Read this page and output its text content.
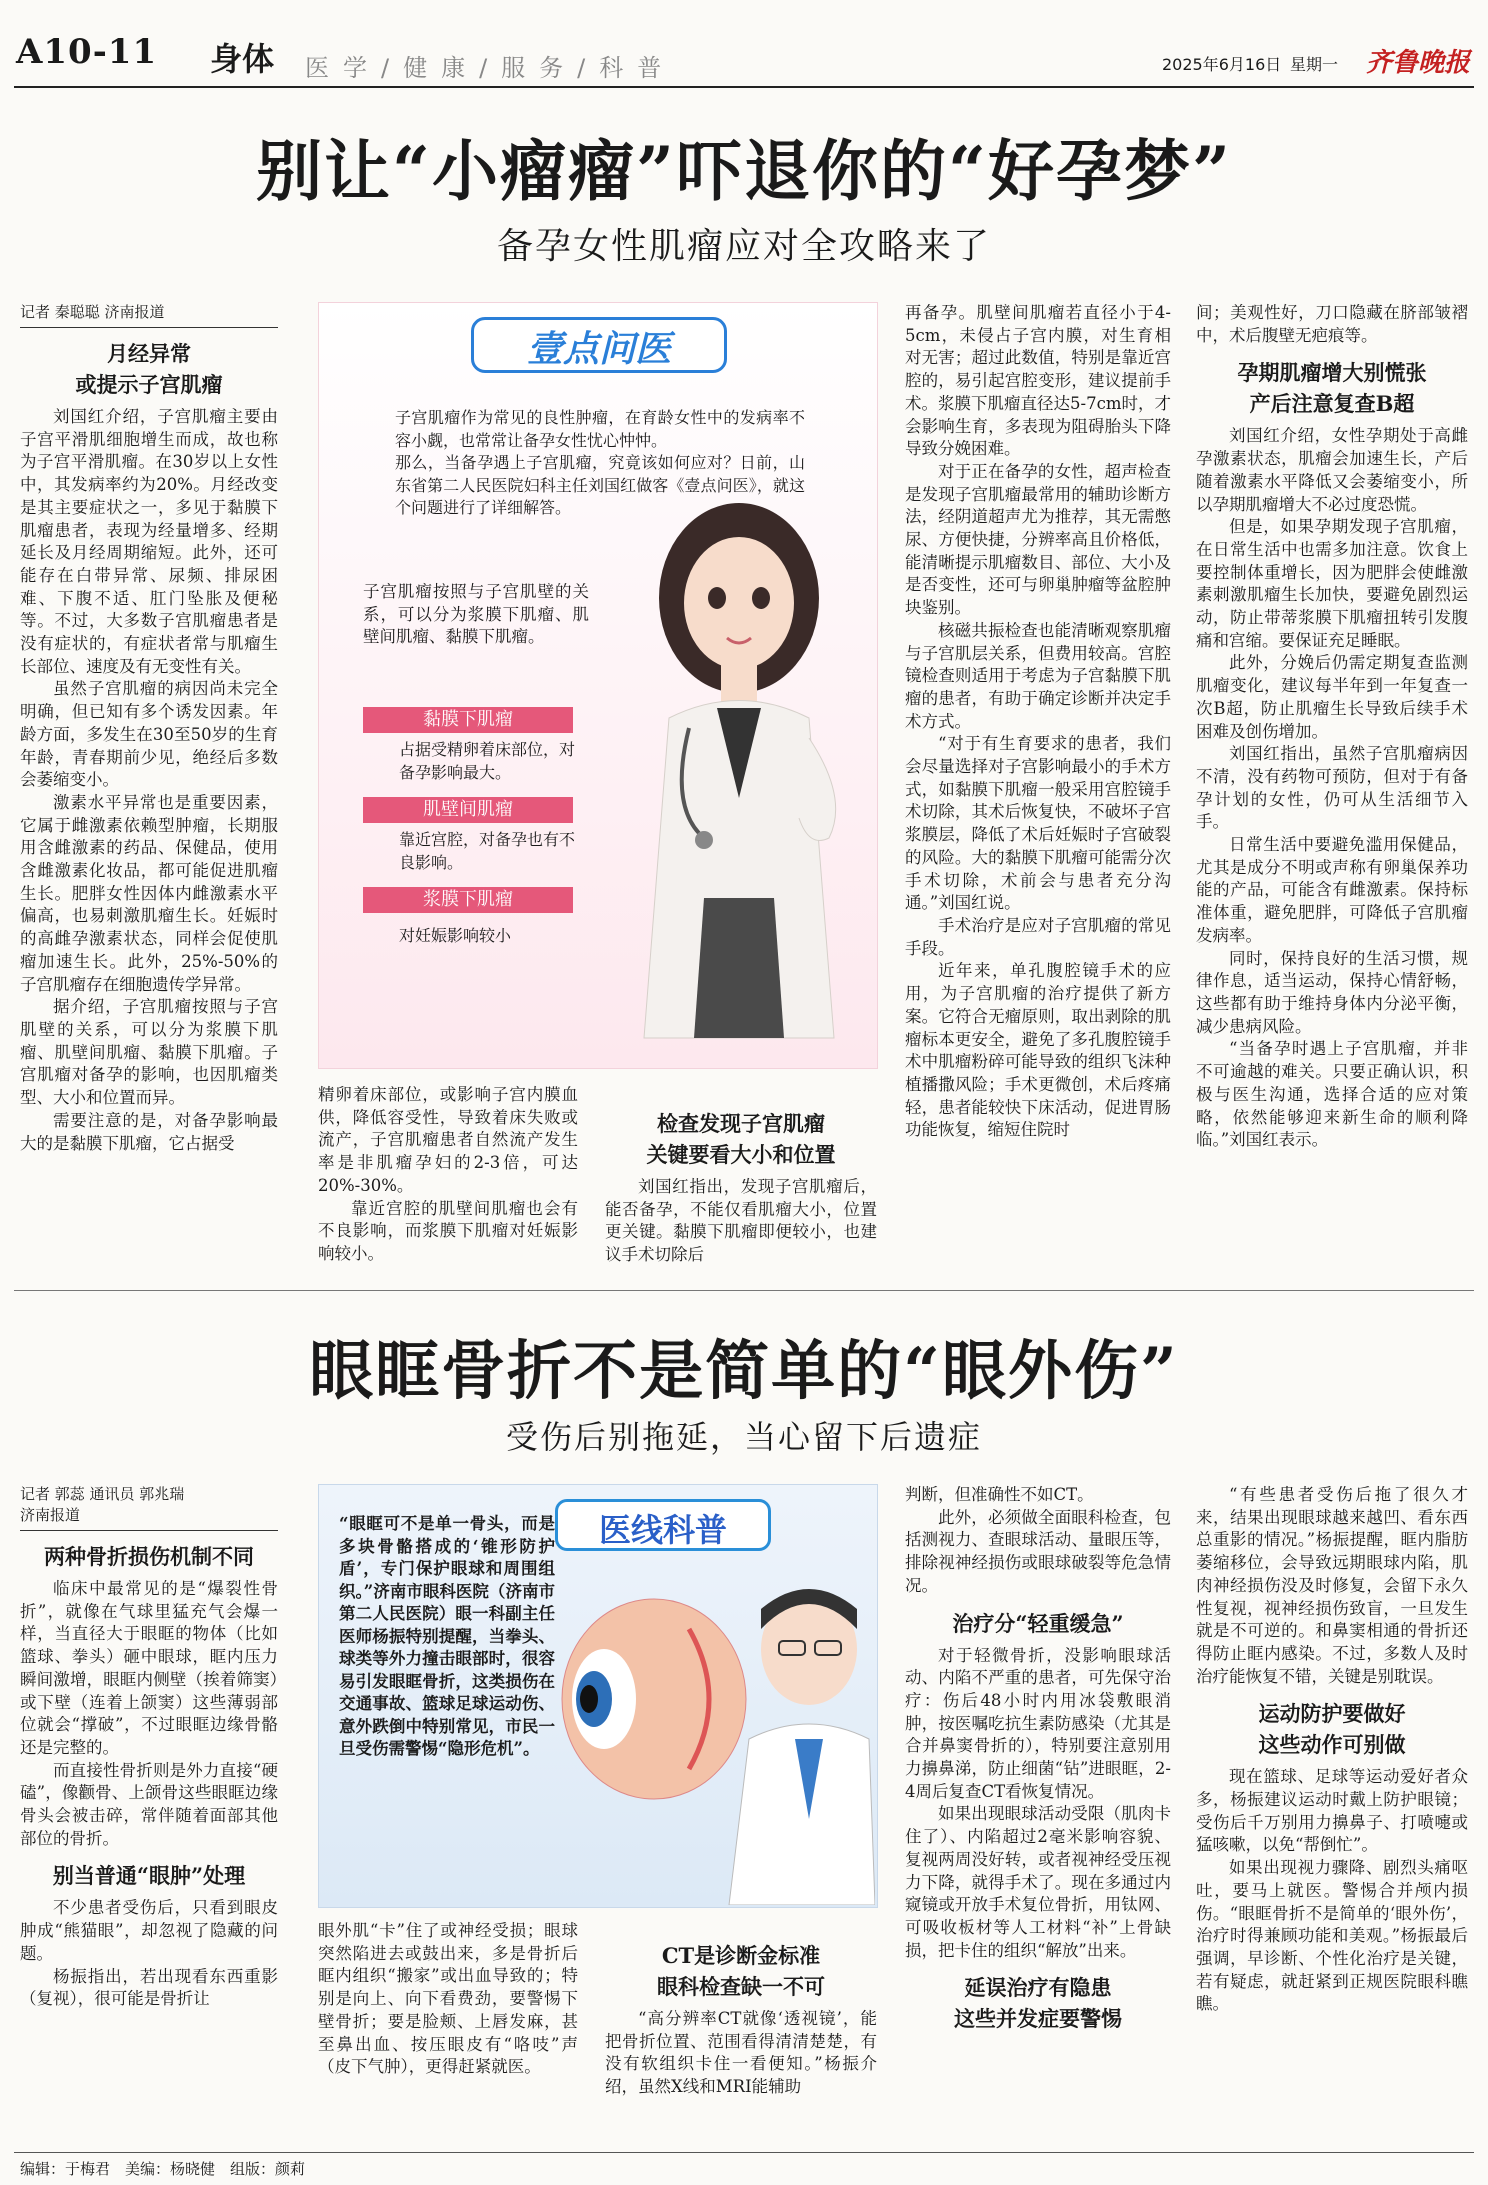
A10-11 身体 医学/健康/服务/科普	2025年6月16日 星期一 齐鲁晚报
别让“小瘤瘤”吓退你的“好孕梦”
备孕女性肌瘤应对全攻略来了
记者 秦聪聪 济南报道
月经异常
或提示子宫肌瘤

刘国红介绍，子宫肌瘤主要由子宫平滑肌细胞增生而成，故也称为子宫平滑肌瘤。在30岁以上女性中，其发病率约为20%。月经改变是其主要症状之一，多见于黏膜下肌瘤患者，表现为经量增多、经期延长及月经周期缩短。此外，还可能存在白带异常、尿频、排尿困难、下腹不适、肛门坠胀及便秘等。不过，大多数子宫肌瘤患者是没有症状的，有症状者常与肌瘤生长部位、速度及有无变性有关。

虽然子宫肌瘤的病因尚未完全明确，但已知有多个诱发因素。年龄方面，多发生在30至50岁的生育年龄，青春期前少见，绝经后多数会萎缩变小。

激素水平异常也是重要因素，它属于雌激素依赖型肿瘤，长期服用含雌激素的药品、保健品，使用含雌激素化妆品，都可能促进肌瘤生长。肥胖女性因体内雌激素水平偏高，也易刺激肌瘤生长。妊娠时的高雌孕激素状态，同样会促使肌瘤加速生长。此外，25%-50%的子宫肌瘤存在细胞遗传学异常。

据介绍，子宫肌瘤按照与子宫肌壁的关系，可以分为浆膜下肌瘤、肌壁间肌瘤、黏膜下肌瘤。子宫肌瘤对备孕的影响，也因肌瘤类型、大小和位置而异。

需要注意的是，对备孕影响最大的是黏膜下肌瘤，它占据受

壹点问医
子宫肌瘤作为常见的良性肿瘤，在育龄女性中的发病率不容小觑，也常常让备孕女性忧心忡忡。
那么，当备孕遇上子宫肌瘤，究竟该如何应对？日前，山东省第二人民医院妇科主任刘国红做客《壹点问医》，就这个问题进行了详细解答。
子宫肌瘤按照与子宫肌壁的关系，可以分为浆膜下肌瘤、肌壁间肌瘤、黏膜下肌瘤。
黏膜下肌瘤
占据受精卵着床部位，对备孕影响最大。
肌壁间肌瘤
靠近宫腔，对备孕也有不良影响。
浆膜下肌瘤
对妊娠影响较小

精卵着床部位，或影响子宫内膜血供，降低容受性，导致着床失败或流产，子宫肌瘤患者自然流产发生率是非肌瘤孕妇的2-3倍，可达20%-30%。

靠近宫腔的肌壁间肌瘤也会有不良影响，而浆膜下肌瘤对妊娠影响较小。

检查发现子宫肌瘤
关键要看大小和位置

刘国红指出，发现子宫肌瘤后，能否备孕，不能仅看肌瘤大小，位置更关键。黏膜下肌瘤即便较小，也建议手术切除后

再备孕。肌壁间肌瘤若直径小于4-5cm，未侵占子宫内膜，对生育相对无害；超过此数值，特别是靠近宫腔的，易引起宫腔变形，建议提前手术。浆膜下肌瘤直径达5-7cm时，才会影响生育，多表现为阻碍胎头下降导致分娩困难。

对于正在备孕的女性，超声检查是发现子宫肌瘤最常用的辅助诊断方法，经阴道超声尤为推荐，其无需憋尿、方便快捷，分辨率高且价格低，能清晰提示肌瘤数目、部位、大小及是否变性，还可与卵巢肿瘤等盆腔肿块鉴别。

核磁共振检查也能清晰观察肌瘤与子宫肌层关系，但费用较高。宫腔镜检查则适用于考虑为子宫黏膜下肌瘤的患者，有助于确定诊断并决定手术方式。

“对于有生育要求的患者，我们会尽量选择对子宫影响最小的手术方式，如黏膜下肌瘤一般采用宫腔镜手术切除，其术后恢复快，不破坏子宫浆膜层，降低了术后妊娠时子宫破裂的风险。大的黏膜下肌瘤可能需分次手术切除，术前会与患者充分沟通。”刘国红说。

手术治疗是应对子宫肌瘤的常见手段。

近年来，单孔腹腔镜手术的应用，为子宫肌瘤的治疗提供了新方案。它符合无瘤原则，取出剥除的肌瘤标本更安全，避免了多孔腹腔镜手术中肌瘤粉碎可能导致的组织飞沫种植播撒风险；手术更微创，术后疼痛轻，患者能较快下床活动，促进胃肠功能恢复，缩短住院时

间；美观性好，刀口隐藏在脐部皱褶中，术后腹壁无疤痕等。

孕期肌瘤增大别慌张
产后注意复查B超

刘国红介绍，女性孕期处于高雌孕激素状态，肌瘤会加速生长，产后随着激素水平降低又会萎缩变小，所以孕期肌瘤增大不必过度恐慌。

但是，如果孕期发现子宫肌瘤，在日常生活中也需多加注意。饮食上要控制体重增长，因为肥胖会使雌激素刺激肌瘤生长加快，要避免剧烈运动，防止带蒂浆膜下肌瘤扭转引发腹痛和宫缩。要保证充足睡眠。

此外，分娩后仍需定期复查监测肌瘤变化，建议每半年到一年复查一次B超，防止肌瘤生长导致后续手术困难及创伤增加。

刘国红指出，虽然子宫肌瘤病因不清，没有药物可预防，但对于有备孕计划的女性，仍可从生活细节入手。

日常生活中要避免滥用保健品，尤其是成分不明或声称有卵巢保养功能的产品，可能含有雌激素。保持标准体重，避免肥胖，可降低子宫肌瘤发病率。

同时，保持良好的生活习惯，规律作息，适当运动，保持心情舒畅，这些都有助于维持身体内分泌平衡，减少患病风险。

“当备孕时遇上子宫肌瘤，并非不可逾越的难关。只要正确认识，积极与医生沟通，选择合适的应对策略，依然能够迎来新生命的顺利降临。”刘国红表示。

眼眶骨折不是简单的“眼外伤”
受伤后别拖延，当心留下后遗症
记者 郭蕊 通讯员 郭兆瑞
济南报道
两种骨折损伤机制不同

临床中最常见的是“爆裂性骨折”，就像在气球里猛充气会爆一样，当直径大于眼眶的物体（比如篮球、拳头）砸中眼球，眶内压力瞬间激增，眼眶内侧壁（挨着筛窦）或下壁（连着上颌窦）这些薄弱部位就会“撑破”，不过眼眶边缘骨骼还是完整的。

而直接性骨折则是外力直接“硬磕”，像颧骨、上颌骨这些眼眶边缘骨头会被击碎，常伴随着面部其他部位的骨折。

别当普通“眼肿”处理

不少患者受伤后，只看到眼皮肿成“熊猫眼”，却忽视了隐藏的问题。

杨振指出，若出现看东西重影（复视），很可能是骨折让

“眼眶可不是单一骨头，而是多块骨骼搭成的‘锥形防护盾’，专门保护眼球和周围组织。”济南市眼科医院（济南市第二人民医院）眼一科副主任医师杨振特别提醒，当拳头、球类等外力撞击眼部时，很容易引发眼眶骨折，这类损伤在交通事故、篮球足球运动伤、意外跌倒中特别常见，市民一旦受伤需警惕“隐形危机”。
医线科普

眼外肌“卡”住了或神经受损；眼球突然陷进去或鼓出来，多是骨折后眶内组织“搬家”或出血导致的；特别是向上、向下看费劲，要警惕下壁骨折；要是脸颊、上唇发麻，甚至鼻出血、按压眼皮有“咯吱”声（皮下气肿），更得赶紧就医。

CT是诊断金标准
眼科检查缺一不可

“高分辨率CT就像‘透视镜’，能把骨折位置、范围看得清清楚楚，有没有软组织卡住一看便知。”杨振介绍，虽然X线和MRI能辅助

判断，但准确性不如CT。

此外，必须做全面眼科检查，包括测视力、查眼球活动、量眼压等，排除视神经损伤或眼球破裂等危急情况。

治疗分“轻重缓急”

对于轻微骨折，没影响眼球活动、内陷不严重的患者，可先保守治疗：伤后48小时内用冰袋敷眼消肿，按医嘱吃抗生素防感染（尤其是合并鼻窦骨折的），特别要注意别用力擤鼻涕，防止细菌“钻”进眼眶，2-4周后复查CT看恢复情况。

如果出现眼球活动受限（肌肉卡住了）、内陷超过2毫米影响容貌、复视两周没好转，或者视神经受压视力下降，就得手术了。现在多通过内窥镜或开放手术复位骨折，用钛网、可吸收板材等人工材料“补”上骨缺损，把卡住的组织“解放”出来。

延误治疗有隐患
这些并发症要警惕

“有些患者受伤后拖了很久才来，结果出现眼球越来越凹、看东西总重影的情况。”杨振提醒，眶内脂肪萎缩移位，会导致远期眼球内陷，肌肉神经损伤没及时修复，会留下永久性复视，视神经损伤致盲，一旦发生就是不可逆的。和鼻窦相通的骨折还得防止眶内感染。不过，多数人及时治疗能恢复不错，关键是别耽误。

运动防护要做好
这些动作可别做

现在篮球、足球等运动爱好者众多，杨振建议运动时戴上防护眼镜；受伤后千万别用力擤鼻子、打喷嚏或猛咳嗽，以免“帮倒忙”。

如果出现视力骤降、剧烈头痛呕吐，要马上就医。警惕合并颅内损伤。“眼眶骨折不是简单的‘眼外伤’，治疗时得兼顾功能和美观。”杨振最后强调，早诊断、个性化治疗是关键，若有疑虑，就赶紧到正规医院眼科瞧瞧。

编辑：于梅君　美编：杨晓健　组版：颜莉
